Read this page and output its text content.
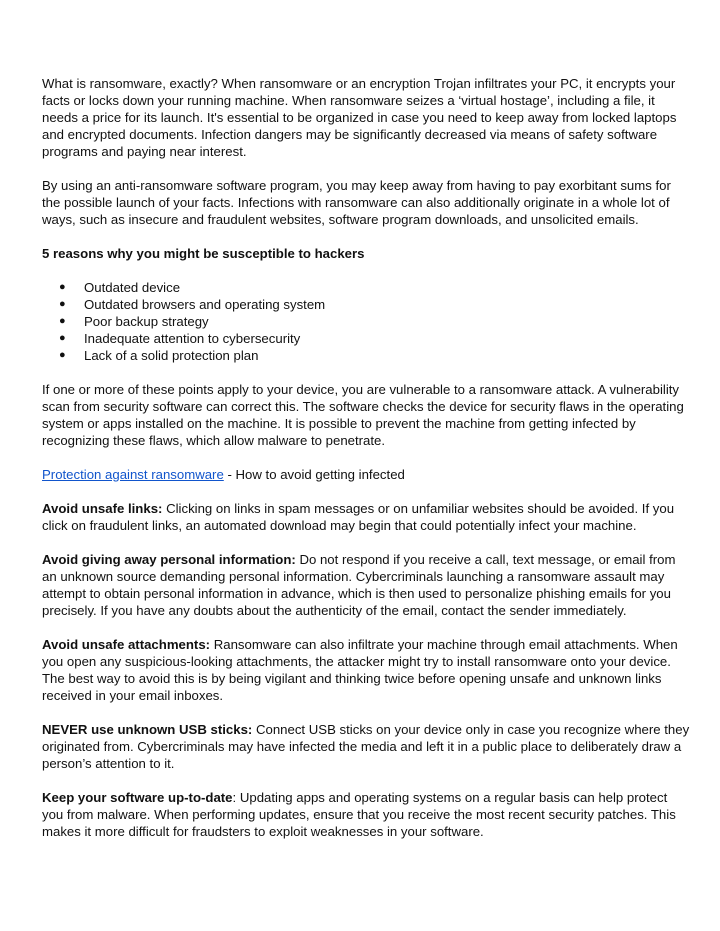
What is ransomware, exactly? When ransomware or an encryption Trojan infiltrates your PC, it encrypts your facts or locks down your running machine. When ransomware seizes a ‘virtual hostage’, including a file, it needs a price for its launch. It's essential to be organized in case you need to keep away from locked laptops and encrypted documents. Infection dangers may be significantly decreased via means of safety software programs and paying near interest.

By using an anti-ransomware software program, you may keep away from having to pay exorbitant sums for the possible launch of your facts. Infections with ransomware can also additionally originate in a whole lot of ways, such as insecure and fraudulent websites, software program downloads, and unsolicited emails.

5 reasons why you might be susceptible to hackers

● Outdated device
● Outdated browsers and operating system
● Poor backup strategy
● Inadequate attention to cybersecurity
● Lack of a solid protection plan

If one or more of these points apply to your device, you are vulnerable to a ransomware attack. A vulnerability scan from security software can correct this. The software checks the device for security flaws in the operating system or apps installed on the machine. It is possible to prevent the machine from getting infected by recognizing these flaws, which allow malware to penetrate.

Protection against ransomware - How to avoid getting infected

Avoid unsafe links: Clicking on links in spam messages or on unfamiliar websites should be avoided. If you click on fraudulent links, an automated download may begin that could potentially infect your machine.

Avoid giving away personal information: Do not respond if you receive a call, text message, or email from an unknown source demanding personal information. Cybercriminals launching a ransomware assault may attempt to obtain personal information in advance, which is then used to personalize phishing emails for you precisely. If you have any doubts about the authenticity of the email, contact the sender immediately.

Avoid unsafe attachments: Ransomware can also infiltrate your machine through email attachments. When you open any suspicious-looking attachments, the attacker might try to install ransomware onto your device. The best way to avoid this is by being vigilant and thinking twice before opening unsafe and unknown links received in your email inboxes.

NEVER use unknown USB sticks: Connect USB sticks on your device only in case you recognize where they originated from. Cybercriminals may have infected the media and left it in a public place to deliberately draw a person’s attention to it.

Keep your software up-to-date: Updating apps and operating systems on a regular basis can help protect you from malware. When performing updates, ensure that you receive the most recent security patches. This makes it more difficult for fraudsters to exploit weaknesses in your software.
